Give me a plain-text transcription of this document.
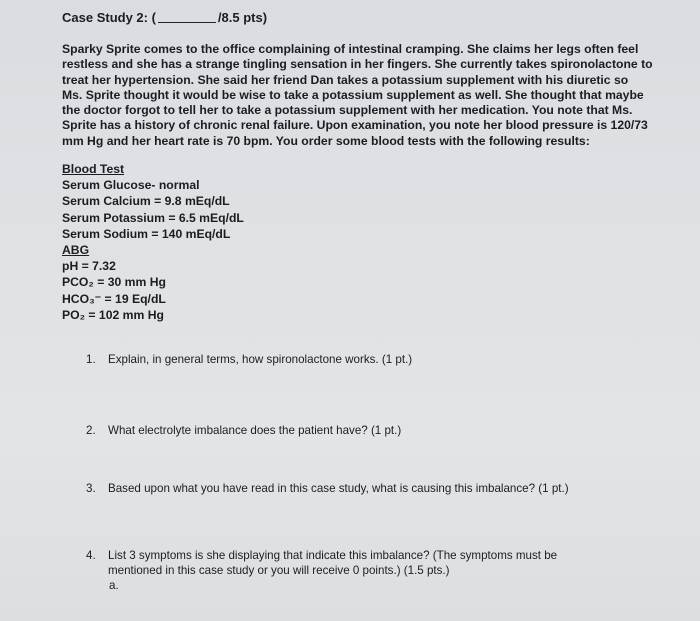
Case Study 2: (	/8.5 pts)
Sparky Sprite comes to the office complaining of intestinal cramping. She claims her legs often feel
restless and she has a strange tingling sensation in her fingers. She currently takes spironolactone to
treat her hypertension. She said her friend Dan takes a potassium supplement with his diuretic so
Ms. Sprite thought it would be wise to take a potassium supplement as well. She thought that maybe
the doctor forgot to tell her to take a potassium supplement with her medication. You note that Ms.
Sprite has a history of chronic renal failure. Upon examination, you note her blood pressure is 120/73
mm Hg and her heart rate is 70 bpm. You order some blood tests with the following results:
Blood Test
Serum Glucose- normal
Serum Calcium = 9.8 mEq/dL
Serum Potassium = 6.5 mEq/dL
Serum Sodium = 140 mEq/dL
ABG
pH = 7.32
PCO₂ = 30 mm Hg
HCO₃⁻ = 19 Eq/dL
PO₂ = 102 mm Hg
1. Explain, in general terms, how spironolactone works. (1 pt.)
2. What electrolyte imbalance does the patient have? (1 pt.)
3. Based upon what you have read in this case study, what is causing this imbalance? (1 pt.)
4. List 3 symptoms is she displaying that indicate this imbalance? (The symptoms must be
mentioned in this case study or you will receive 0 points.) (1.5 pts.)
a.
